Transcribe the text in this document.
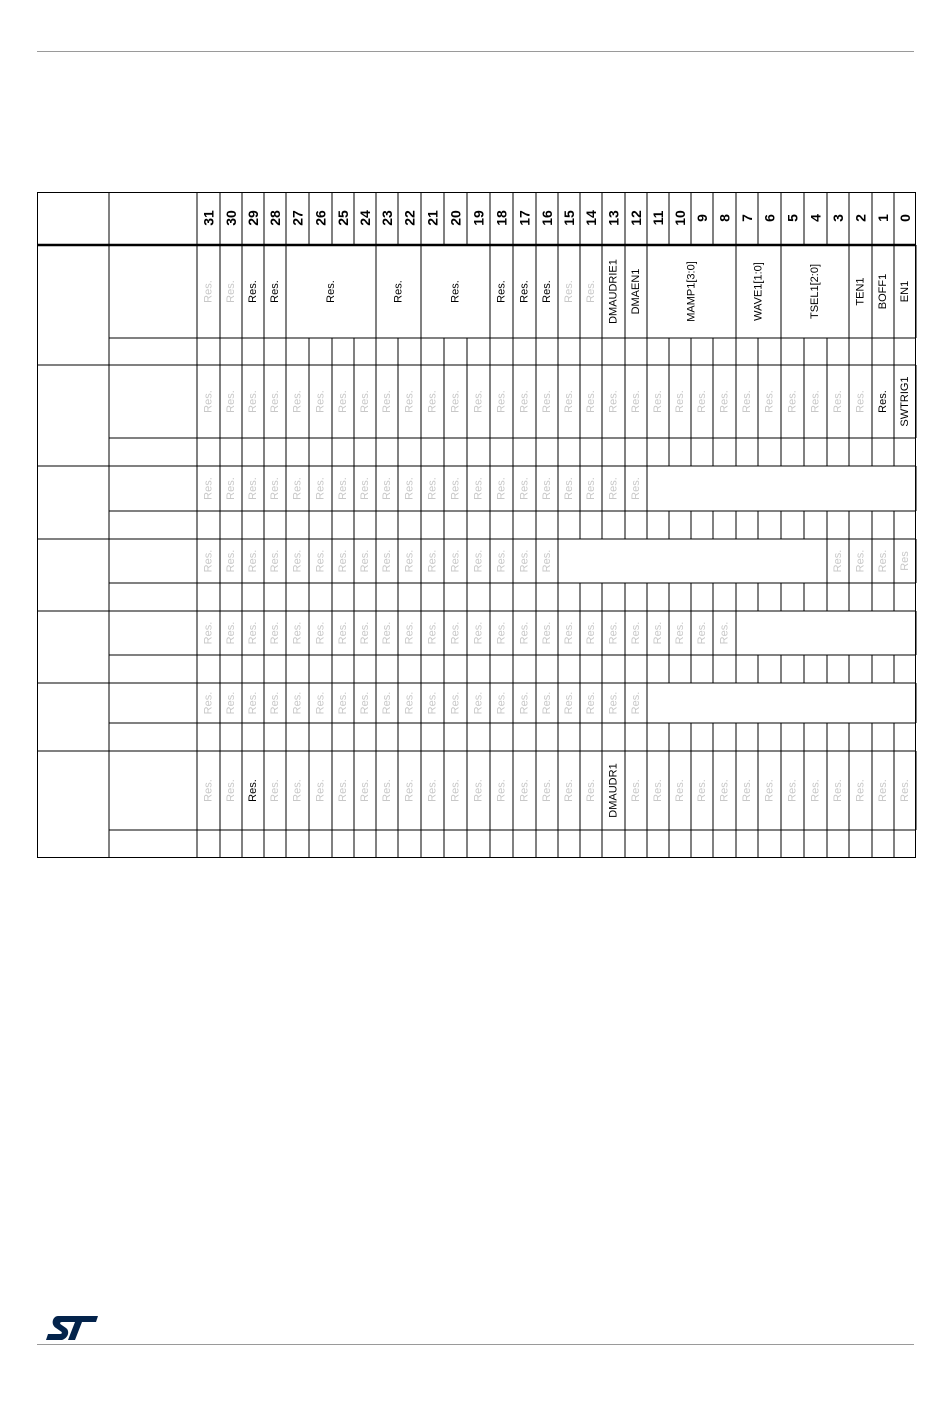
31 30 29 28 27 26 25 24 23 22 21 20 19 18 17 16 15 14 13 12 11 10 9 8 7 6 5 4 3 2 1 0
Res. Res. Res. Res.	Res.	Res.	Res.	Res. Res. Res. Res. Res. DMAUDRIE1 DMAEN1	MAMP1[3:0]	WAVE1[1:0]	TSEL1[2:0]	TEN1 BOFF1 EN1
Res. Res. Res. Res. Res. Res. Res. Res. Res. Res. Res. Res. Res. Res. Res. Res. Res. Res. Res. Res. Res. Res. Res. Res. Res. Res. Res. Res. Res. Res. Res. SWTRIG1
Res. Res. Res. Res. Res. Res. Res. Res. Res. Res. Res. Res. Res. Res. Res. Res. Res. Res. Res. Res.
Res. Res. Res. Res. Res. Res. Res. Res. Res. Res. Res. Res. Res. Res. Res. Res.	Res. Res. Res. Res
Res. Res. Res. Res. Res. Res. Res. Res. Res. Res. Res. Res. Res. Res. Res. Res. Res. Res. Res. Res. Res. Res. Res. Res.
Res. Res. Res. Res. Res. Res. Res. Res. Res. Res. Res. Res. Res. Res. Res. Res. Res. Res. Res. Res.
Res. Res. Res. Res. Res. Res. Res. Res. Res. Res. Res. Res. Res. Res. Res. Res. Res. Res. DMAUDR1 Res. Res. Res. Res. Res. Res. Res. Res. Res. Res. Res. Res. Res.
